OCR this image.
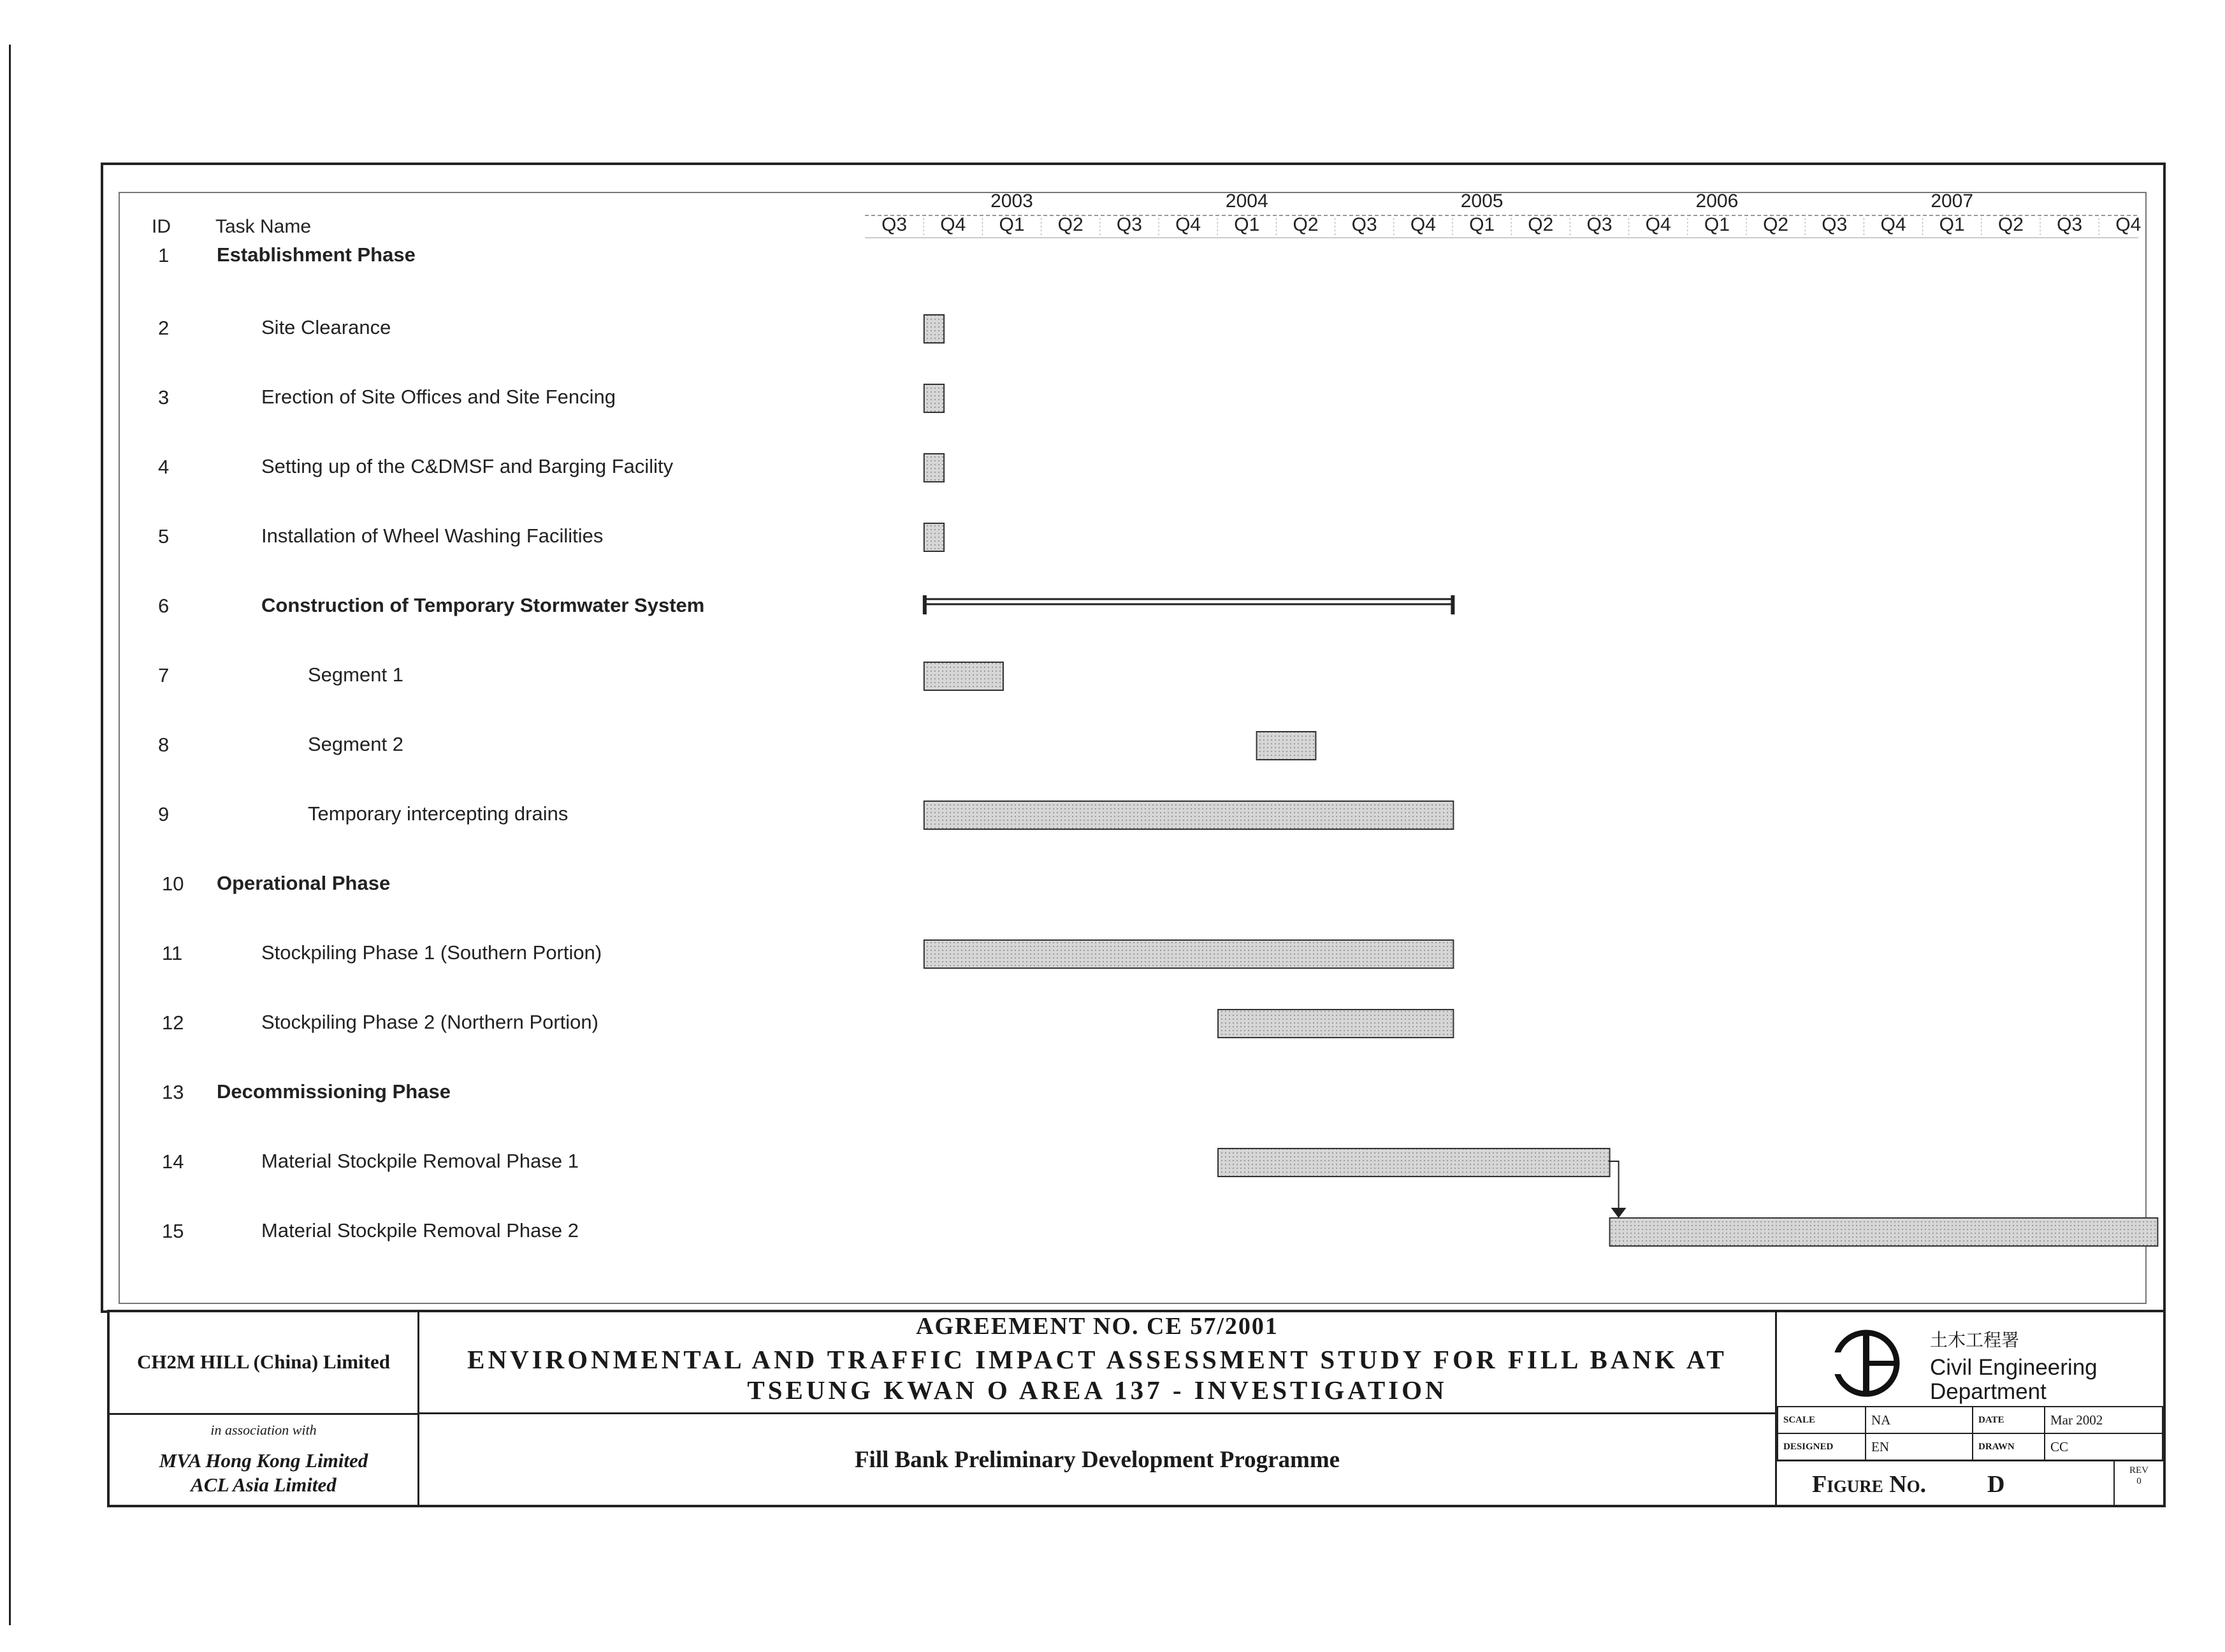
ID Task Name	Q3 Q4 Q1 Q2 Q3 Q4 Q1 Q2 Q3 Q4 Q1 Q2 Q3 Q4 Q1 Q2 Q3 Q4 Q1 Q2 Q3 Q4
2003	2004	2005	2006	2007
1 Establishment Phase
2	Site Clearance
3	Erection of Site Offices and Site Fencing
4	Setting up of the C&DMSF and Barging Facility
5	Installation of Wheel Washing Facilities
6	Construction of Temporary Stormwater System
7	Segment 1
8	Segment 2
9	Temporary intercepting drains
10 Operational Phase
11	Stockpiling Phase 1 (Southern Portion)
12	Stockpiling Phase 2 (Northern Portion)
13 Decommissioning Phase
14	Material Stockpile Removal Phase 1
15	Material Stockpile Removal Phase 2
CH2M HILL (China) Limited
in association with
MVA Hong Kong Limited
ACL Asia Limited
AGREEMENT NO. CE 57/2001
ENVIRONMENTAL AND TRAFFIC IMPACT ASSESSMENT STUDY FOR FILL BANK AT
TSEUNG KWAN O AREA 137 - INVESTIGATION
Fill Bank Preliminary Development Programme
土木工程署
Civil Engineering
Department
SCALE	NA	DATE	Mar 2002
DESIGNED	EN	DRAWN	CC
Figure No.	D
REV
0
